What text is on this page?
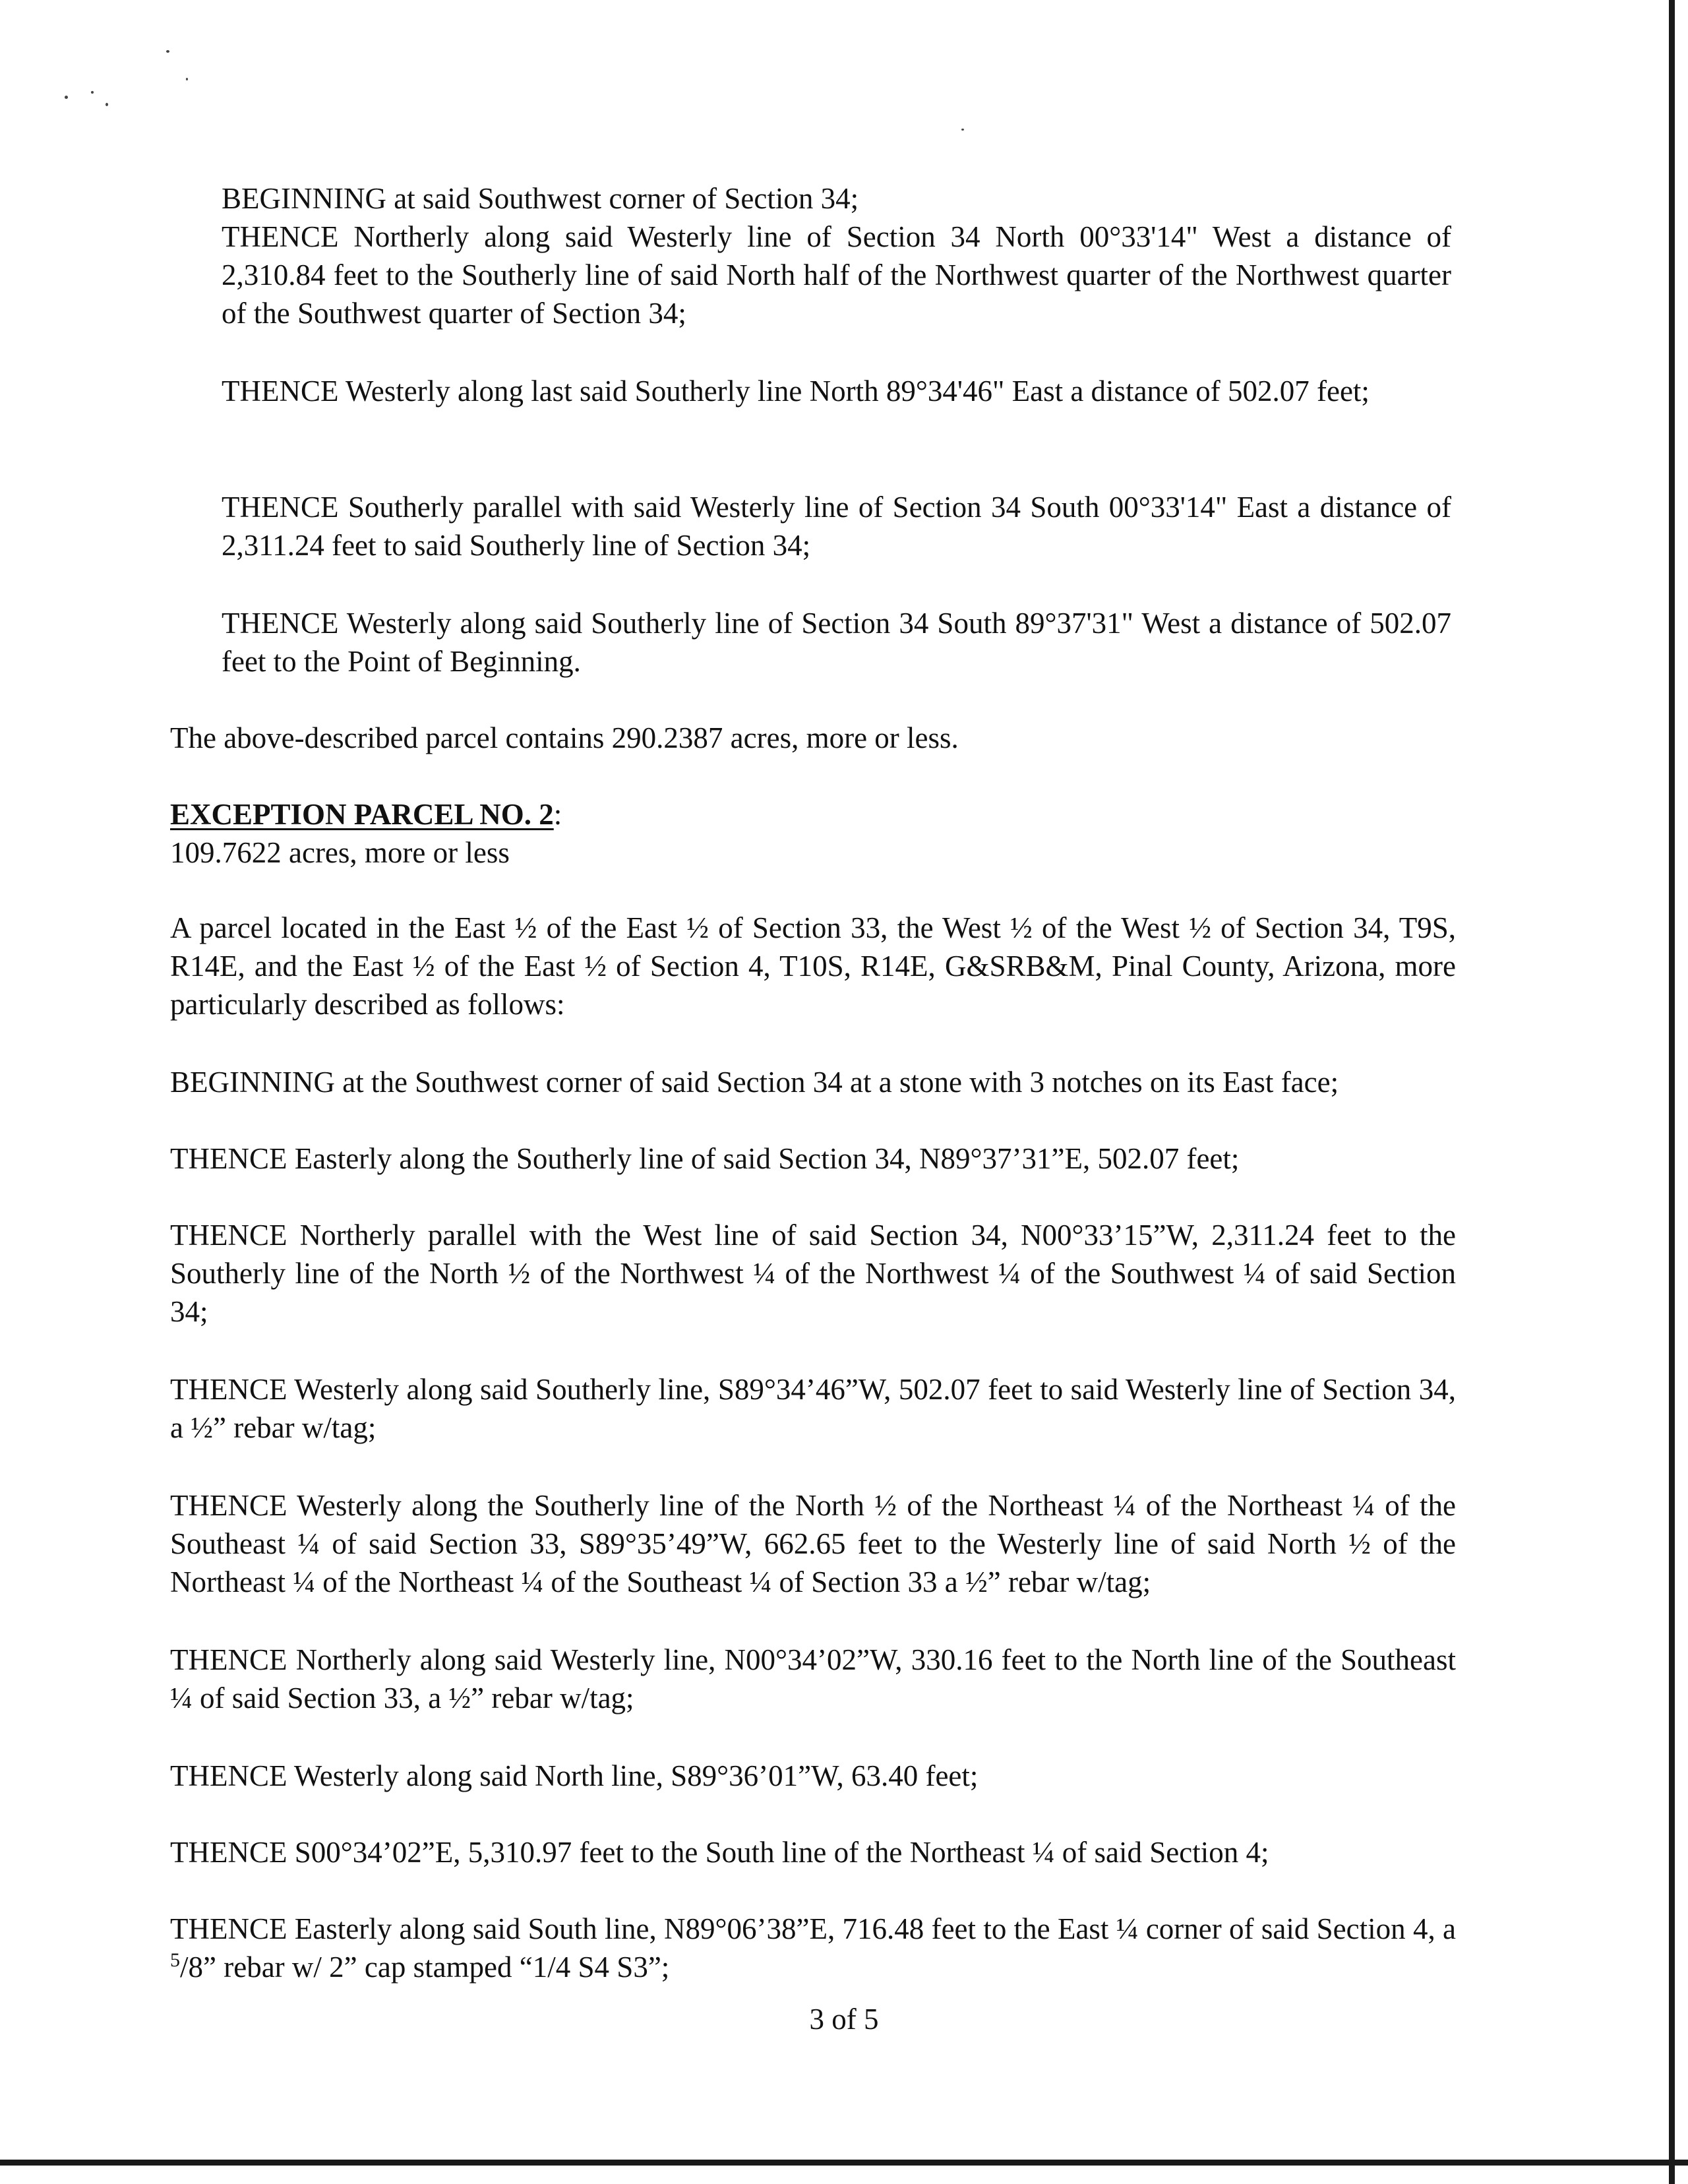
BEGINNING at said Southwest corner of Section 34;

THENCE Northerly along said Westerly line of Section 34 North 00°33'14" West a distance of 2,310.84 feet to the Southerly line of said North half of the Northwest quarter of the Northwest quarter of the Southwest quarter of Section 34;

THENCE Westerly along last said Southerly line North 89°34'46" East a distance of 502.07 feet;

THENCE Southerly parallel with said Westerly line of Section 34 South 00°33'14" East a distance of 2,311.24 feet to said Southerly line of Section 34;

THENCE Westerly along said Southerly line of Section 34 South 89°37'31" West a distance of 502.07 feet to the Point of Beginning.

The above-described parcel contains 290.2387 acres, more or less.

EXCEPTION PARCEL NO. 2:

109.7622 acres, more or less

A parcel located in the East ½ of the East ½ of Section 33, the West ½ of the West ½ of Section 34, T9S, R14E, and the East ½ of the East ½ of Section 4, T10S, R14E, G&SRB&M, Pinal County, Arizona, more particularly described as follows:

BEGINNING at the Southwest corner of said Section 34 at a stone with 3 notches on its East face;

THENCE Easterly along the Southerly line of said Section 34, N89°37’31”E, 502.07 feet;

THENCE Northerly parallel with the West line of said Section 34, N00°33’15”W, 2,311.24 feet to the Southerly line of the North ½ of the Northwest ¼ of the Northwest ¼ of the Southwest ¼ of said Section 34;

THENCE Westerly along said Southerly line, S89°34’46”W, 502.07 feet to said Westerly line of Section 34, a ½” rebar w/tag;

THENCE Westerly along the Southerly line of the North ½ of the Northeast ¼ of the Northeast ¼ of the Southeast ¼ of said Section 33, S89°35’49”W, 662.65 feet to the Westerly line of said North ½ of the Northeast ¼ of the Northeast ¼ of the Southeast ¼ of Section 33 a ½” rebar w/tag;

THENCE Northerly along said Westerly line, N00°34’02”W, 330.16 feet to the North line of the Southeast ¼ of said Section 33, a ½” rebar w/tag;

THENCE Westerly along said North line, S89°36’01”W, 63.40 feet;

THENCE S00°34’02”E, 5,310.97 feet to the South line of the Northeast ¼ of said Section 4;

THENCE Easterly along said South line, N89°06’38”E, 716.48 feet to the East ¼ corner of said Section 4, a $^5$/8” rebar w/ 2” cap stamped “1/4 S4 S3”;

3 of 5
